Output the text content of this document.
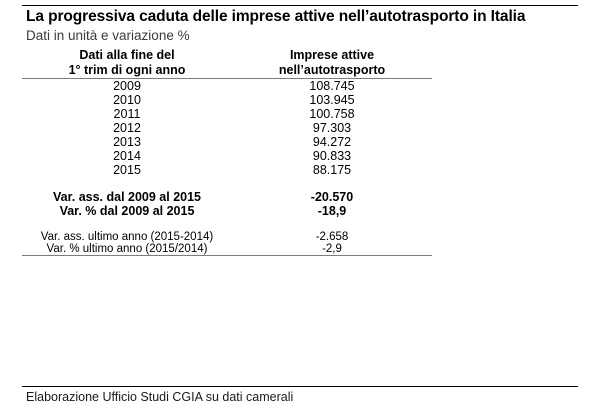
La progressiva caduta delle imprese attive nell’autotrasporto in Italia
Dati in unità e variazione %
Dati alla fine del
1° trim di ogni anno

Imprese attive
nell’autotrasporto

2009	108.745
2010	103.945
2011	100.758
2012	97.303
2013	94.272
2014	90.833
2015	88.175

Var. ass. dal 2009 al 2015	-20.570
Var. % dal 2009 al 2015	-18,9

Var. ass. ultimo anno (2015-2014)	-2.658
Var. % ultimo anno (2015/2014)	-2,9

Elaborazione Ufficio Studi CGIA su dati camerali
